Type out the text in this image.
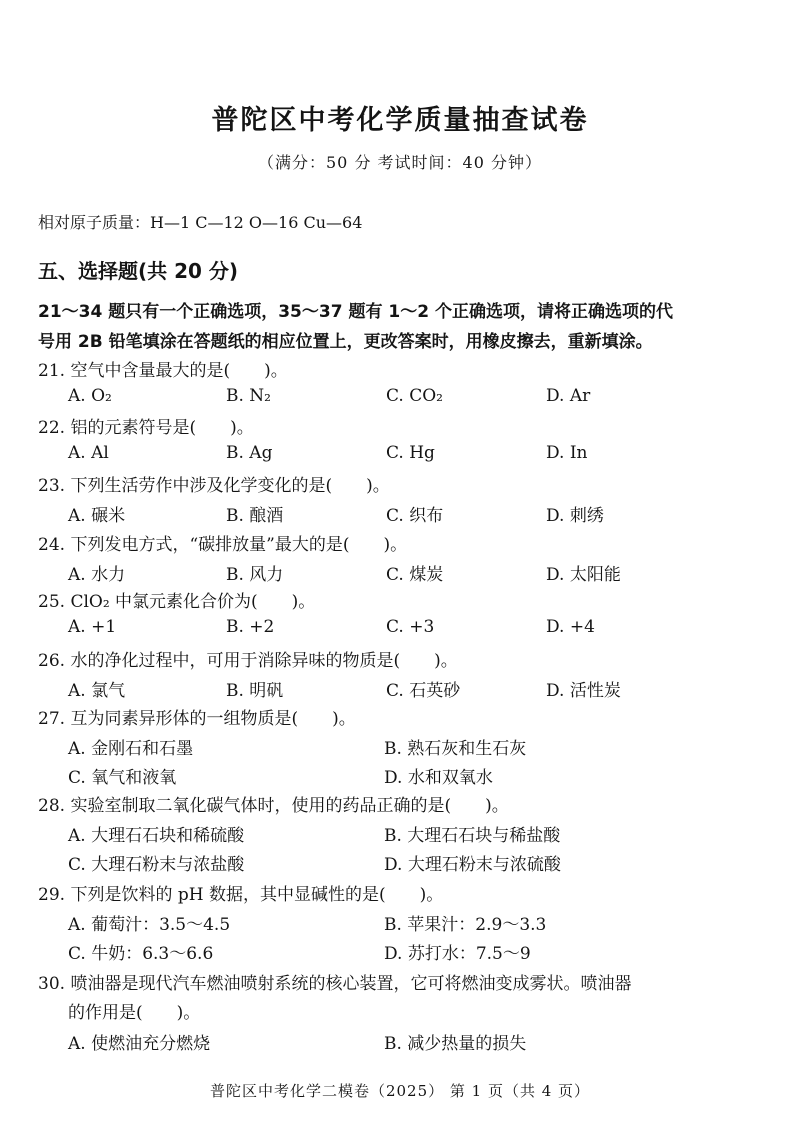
普陀区中考化学质量抽查试卷
（满分：50 分 考试时间：40 分钟）
相对原子质量：H—1 C—12 O—16 Cu—64
五、选择题(共 20 分)
21～34 题只有一个正确选项，35～37 题有 1～2 个正确选项，请将正确选项的代
号用 2B 铅笔填涂在答题纸的相应位置上，更改答案时，用橡皮擦去，重新填涂。
21. 空气中含量最大的是(　　)。
A. O₂	B. N₂	C. CO₂	D. Ar
22. 铝的元素符号是(　　)。
A. Al	B. Ag	C. Hg	D. In
23. 下列生活劳作中涉及化学变化的是(　　)。
A. 碾米	B. 酿酒	C. 织布	D. 刺绣
24. 下列发电方式，“碳排放量”最大的是(　　)。
A. 水力	B. 风力	C. 煤炭	D. 太阳能
25. ClO₂ 中氯元素化合价为(　　)。
A. +1	B. +2	C. +3	D. +4
26. 水的净化过程中，可用于消除异味的物质是(　　)。
A. 氯气	B. 明矾	C. 石英砂	D. 活性炭
27. 互为同素异形体的一组物质是(　　)。
A. 金刚石和石墨	B. 熟石灰和生石灰
C. 氧气和液氧	D. 水和双氧水
28. 实验室制取二氧化碳气体时，使用的药品正确的是(　　)。
A. 大理石石块和稀硫酸	B. 大理石石块与稀盐酸
C. 大理石粉末与浓盐酸	D. 大理石粉末与浓硫酸
29. 下列是饮料的 pH 数据，其中显碱性的是(　　)。
A. 葡萄汁：3.5～4.5	B. 苹果汁：2.9～3.3
C. 牛奶：6.3～6.6	D. 苏打水：7.5～9
30. 喷油器是现代汽车燃油喷射系统的核心装置，它可将燃油变成雾状。喷油器
的作用是(　　)。
A. 使燃油充分燃烧	B. 减少热量的损失
普陀区中考化学二模卷（2025） 第 1 页（共 4 页）
